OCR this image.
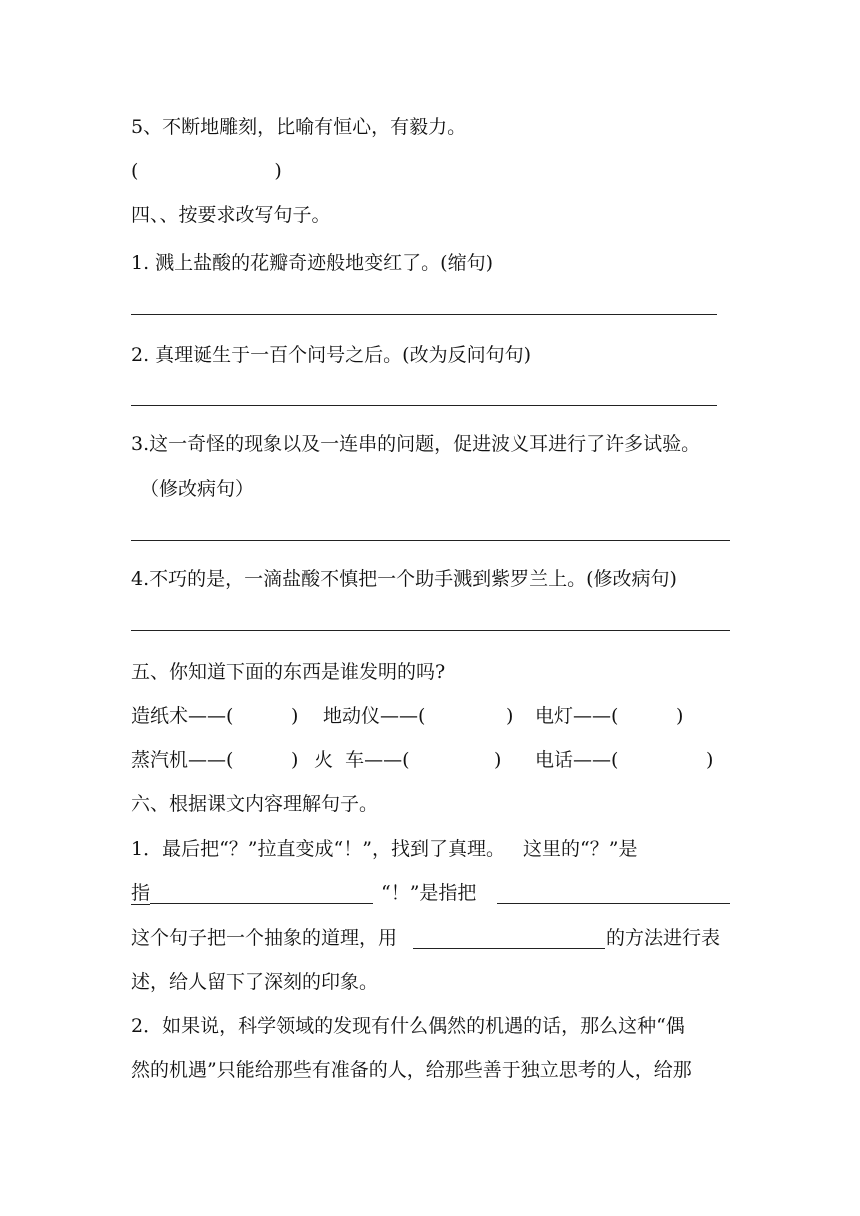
5、不断地雕刻，比喻有恒心，有毅力。
(	)
四、、按要求改写句子。
1. 溅上盐酸的花瓣奇迹般地变红了。(缩句)
2. 真理诞生于一百个问号之后。(改为反问句句)
3.这一奇怪的现象以及一连串的问题，促进波义耳进行了许多试验。
（修改病句）
4.不巧的是，一滴盐酸不慎把一个助手溅到紫罗兰上。(修改病句)
五、你知道下面的东西是谁发明的吗?
造纸术——(	) 地动仪——(	) 电灯——(	)
蒸汽机——(	) 火  车——(	) 电话——(	)
六、根据课文内容理解句子。
1．最后把“？”拉直变成“！”，找到了真理。   这里的“？”是
指	“！”是指把
这个句子把一个抽象的道理，用	的方法进行表
述，给人留下了深刻的印象。
2．如果说，科学领域的发现有什么偶然的机遇的话，那么这种“偶
然的机遇”只能给那些有准备的人，给那些善于独立思考的人，给那
